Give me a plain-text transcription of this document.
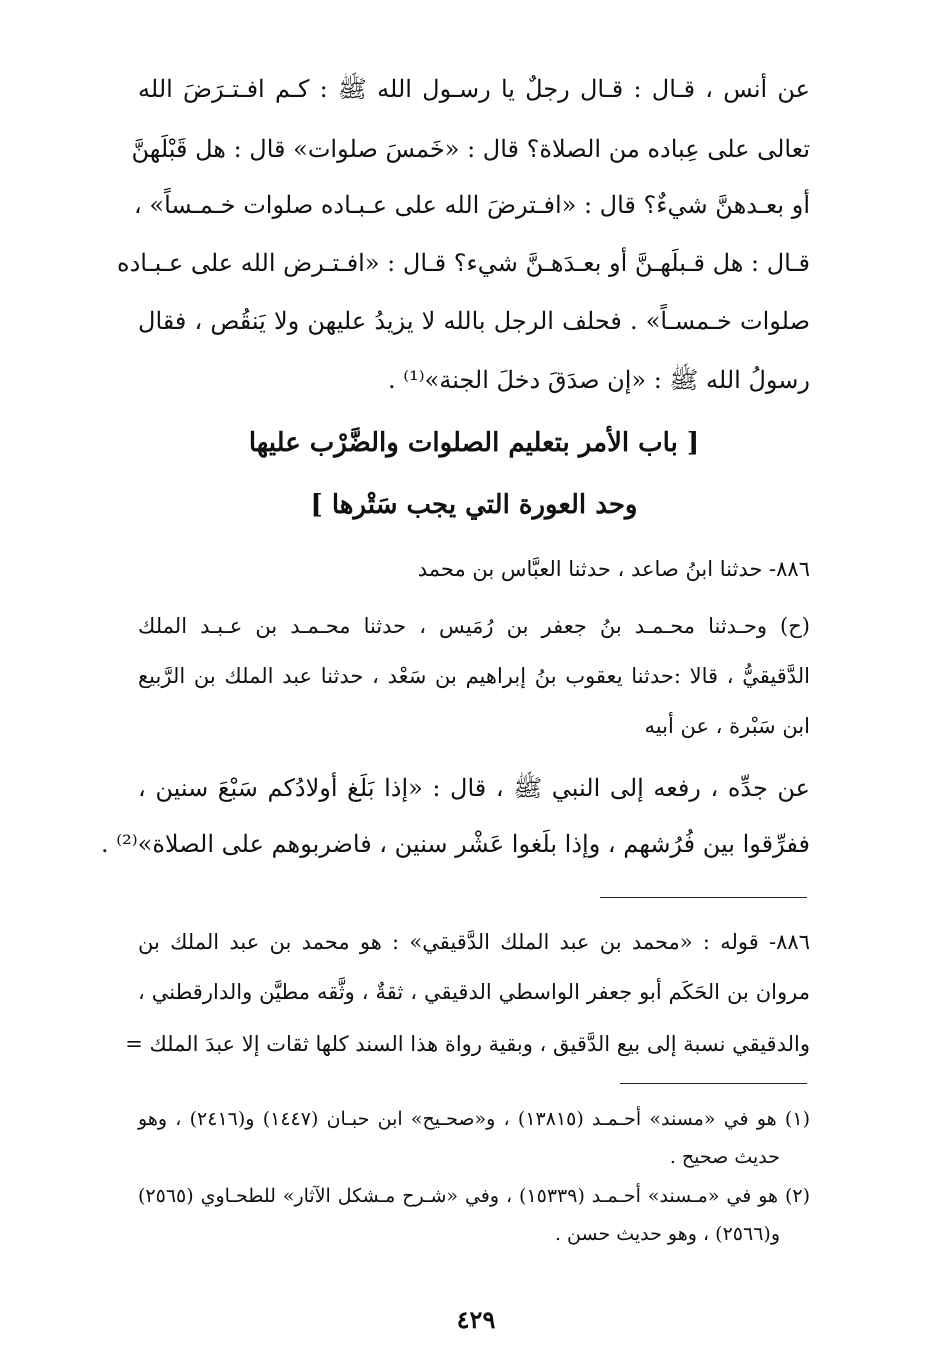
عن أنس ، قـال : قـال رجلٌ يا رسـول الله ﷺ : كـم افـتـرَضَ الله
تعالى على عِباده من الصلاة؟ قال : «خَمسَ صلوات» قال : هل قَبْلَهنَّ
أو بعـدهنَّ شيءٌ؟ قال : «افـترضَ الله على عـبـاده صلوات خـمـساً» ،
قـال : هل قـبلَهـنَّ أو بعـدَهـنَّ شيء؟ قـال : «افـتـرض الله على عـبـاده
صلوات خـمسـاً» . فحلف الرجل بالله لا يزيدُ عليهن ولا يَنقُص ، فقال
رسولُ الله ﷺ : «إن صدَقَ دخلَ الجنة»⁽¹⁾ .
[ باب الأمر بتعليم الصلوات والضَّرْب عليها
وحد العورة التي يجب سَتْرها ]
٨٨٦- حدثنا ابنُ صاعد ، حدثنا العبَّاس بن محمد
(ح) وحـدثنا محـمـد بنُ جعفر بن رُمَيس ، حدثنا محـمـد بن عـبـد الملك
الدَّقيقيُّ ، قالا :حدثنا يعقوب بنُ إبراهيم بن سَعْد ، حدثنا عبد الملك بن الرَّبيع
ابن سَبْرة ، عن أبيه
عن جدِّه ، رفعه إلى النبي ﷺ ، قال : «إذا بَلَغ أولادُكم سَبْعَ سنين ،
ففرِّقوا بين فُرُشهم ، وإذا بلَغوا عَشْر سنين ، فاضربوهم على الصلاة»⁽²⁾ .
٨٨٦- قوله : «محمد بن عبد الملك الدَّقيقي» : هو محمد بن عبد الملك بن
مروان بن الحَكَم أبو جعفر الواسطي الدقيقي ، ثقةٌ ، وثَّقه مطيَّن والدارقطني ،
والدقيقي نسبة إلى بيع الدَّقيق ، وبقية رواة هذا السند كلها ثقات إلا عبدَ الملك =
(١) هو في «مسند» أحـمـد (١٣٨١٥) ، و«صحـيح» ابن حبـان (١٤٤٧) و(٢٤١٦) ، وهو
حديث صحيح .
(٢) هو في «مـسند» أحـمـد (١٥٣٣٩) ، وفي «شـرح مـشكل الآثار» للطحـاوي (٢٥٦٥)
و(٢٥٦٦) ، وهو حديث حسن .
٤٢٩
